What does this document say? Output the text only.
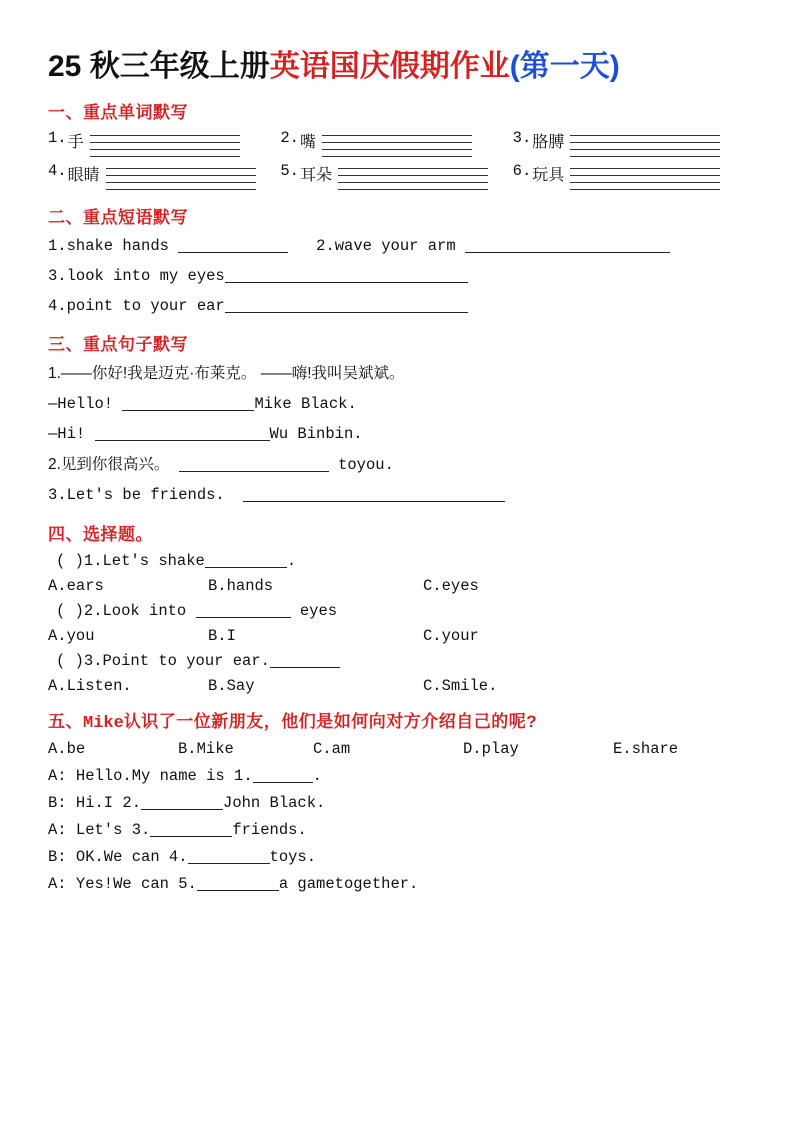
25 秋三年级上册英语国庆假期作业(第一天)
一、重点单词默写
1. 手	2. 嘴	3. 胳膊
4. 眼睛	5. 耳朵	6. 玩具
二、重点短语默写
1.shake hands	2.wave your arm
3.look into my eyes
4.point to your ear
三、重点句子默写
1.——你好!我是迈克·布莱克。 ——嗨!我叫吴斌斌。
—Hello!	Mike Black.
—Hi!	Wu Binbin.
2.见到你很高兴。	toyou.
3.Let's be friends.
四、选择题。
( )1.Let's shake	.
A.ears	B.hands	C.eyes
( )2.Look into	eyes
A.you	B.I	C.your
( )3.Point to your ear.
A.Listen.	B.Say	C.Smile.
五、Mike认识了一位新朋友，他们是如何向对方介绍自己的呢?
A.be	B.Mike	C.am	D.play	E.share
A: Hello.My name is 1.	.
B: Hi.I 2.	John Black.
A: Let's 3.	friends.
B: OK.We can 4.	toys.
A: Yes!We can 5.	a gametogether.
